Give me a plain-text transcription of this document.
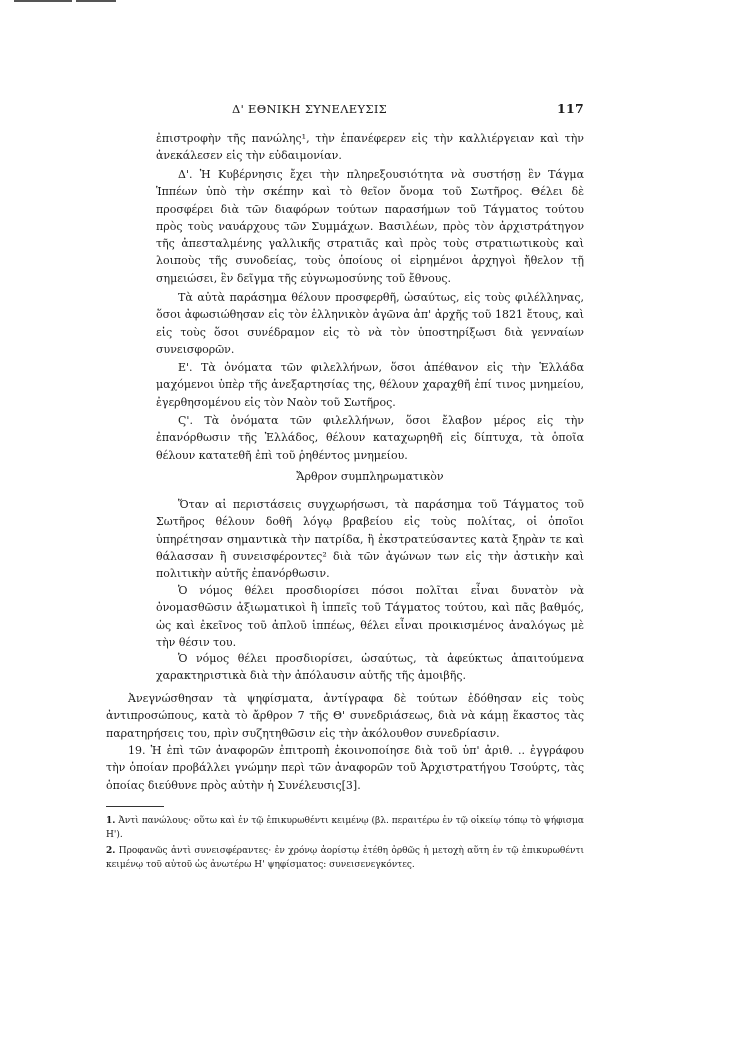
Δ' ΕΘΝΙΚΗ ΣΥΝΕΛΕΥΣΙΣ	117
ἐπιστροφὴν τῆς πανώλης¹, τὴν ἐπανέφερεν εἰς τὴν καλλιέργειαν καὶ τὴν ἀνεκάλεσεν εἰς τὴν εὐδαιμονίαν.
Δ'. Ἡ Κυβέρνησις ἔχει τὴν πληρεξουσιότητα νὰ συστήσῃ ἓν Τάγμα Ἱππέων ὑπὸ τὴν σκέπην καὶ τὸ θεῖον ὄνομα τοῦ Σωτῆρος. Θέλει δὲ προσφέρει διὰ τῶν διαφόρων τούτων παρασήμων τοῦ Τάγματος τούτου πρὸς τοὺς ναυάρχους τῶν Συμμάχων. Βασιλέων, πρὸς τὸν ἀρχιστράτηγον τῆς ἀπεσταλμένης γαλλικῆς στρατιᾶς καὶ πρὸς τοὺς στρατιωτικοὺς καὶ λοιποὺς τῆς συνοδείας, τοὺς ὁποίους οἱ εἰρημένοι ἀρχηγοὶ ἤθελον τῇ σημειώσει, ἓν δεῖγμα τῆς εὐγνωμοσύνης τοῦ ἔθνους.
Τὰ αὐτὰ παράσημα θέλουν προσφερθῆ, ὡσαύτως, εἰς τοὺς φιλέλληνας, ὅσοι ἀφωσιώθησαν εἰς τὸν ἑλληνικὸν ἀγῶνα ἀπ' ἀρχῆς τοῦ 1821 ἔτους, καὶ εἰς τοὺς ὅσοι συνέδραμον εἰς τὸ νὰ τὸν ὑποστηρίξωσι διὰ γενναίων συνεισφορῶν.
Ε'. Τὰ ὀνόματα τῶν φιλελλήνων, ὅσοι ἀπέθανον εἰς τὴν Ἑλλάδα μαχόμενοι ὑπὲρ τῆς ἀνεξαρτησίας της, θέλουν χαραχθῆ ἐπί τινος μνημείου, ἐγερθησομένου εἰς τὸν Ναὸν τοῦ Σωτῆρος.
Ϛ'. Τὰ ὀνόματα τῶν φιλελλήνων, ὅσοι ἔλαβον μέρος εἰς τὴν ἐπανόρθωσιν τῆς Ἑλλάδος, θέλουν καταχωρηθῆ εἰς δίπτυχα, τὰ ὁποῖα θέλουν κατατεθῆ ἐπὶ τοῦ ῥηθέντος μνημείου.
Ἄρθρον συμπληρωματικὸν
Ὅταν αἱ περιστάσεις συγχωρήσωσι, τὰ παράσημα τοῦ Τάγματος τοῦ Σωτῆρος θέλουν δοθῆ λόγῳ βραβείου εἰς τοὺς πολίτας, οἱ ὁποῖοι ὑπηρέτησαν σημαντικὰ τὴν πατρίδα, ἢ ἐκστρατεύσαντες κατὰ ξηρὰν τε καὶ θάλασσαν ἢ συνεισφέροντες² διὰ τῶν ἀγώνων των εἰς τὴν ἀστικὴν καὶ πολιτικὴν αὐτῆς ἐπανόρθωσιν.
Ὁ νόμος θέλει προσδιορίσει πόσοι πολῖται εἶναι δυνατὸν νὰ ὀνομασθῶσιν ἀξιωματικοὶ ἢ ἱππεῖς τοῦ Τάγματος τούτου, καὶ πᾶς βαθμός, ὡς καὶ ἐκεῖνος τοῦ ἁπλοῦ ἱππέως, θέλει εἶναι προικισμένος ἀναλόγως μὲ τὴν θέσιν του.
Ὁ νόμος θέλει προσδιορίσει, ὡσαύτως, τὰ ἀφεύκτως ἀπαιτούμενα χαρακτηριστικὰ διὰ τὴν ἀπόλαυσιν αὐτῆς τῆς ἀμοιβῆς.
Ἀνεγνώσθησαν τὰ ψηφίσματα, ἀντίγραφα δὲ τούτων ἐδόθησαν εἰς τοὺς ἀντιπροσώπους, κατὰ τὸ ἄρθρον 7 τῆς Θ' συνεδριάσεως, διὰ νὰ κάμῃ ἕκαστος τὰς παρατηρήσεις του, πρὶν συζητηθῶσιν εἰς τὴν ἀκόλουθον συνεδρίασιν.
19. Ἡ ἐπὶ τῶν ἀναφορῶν ἐπιτροπὴ ἐκοινοποίησε διὰ τοῦ ὑπ' ἀριθ. .. ἐγγράφου τὴν ὁποίαν προβάλλει γνώμην περὶ τῶν ἀναφορῶν τοῦ Ἀρχιστρατήγου Τσούρτς, τὰς ὁποίας διεύθυνε πρὸς αὐτὴν ἡ Συνέλευσις[3].
1. Ἀντὶ πανώλους· οὕτω καὶ ἐν τῷ ἐπικυρωθέντι κειμένῳ (βλ. περαιτέρω ἐν τῷ οἰκείῳ τόπῳ τὸ ψήφισμα Η').
2. Προφανῶς ἀντὶ συνεισφέραντες· ἐν χρόνῳ ἀορίστῳ ἐτέθη ὀρθῶς ἡ μετοχὴ αὕτη ἐν τῷ ἐπικυρωθέντι κειμένῳ τοῦ αὐτοῦ ὡς ἀνωτέρω Η' ψηφίσματος: συνεισενεγκόντες.
